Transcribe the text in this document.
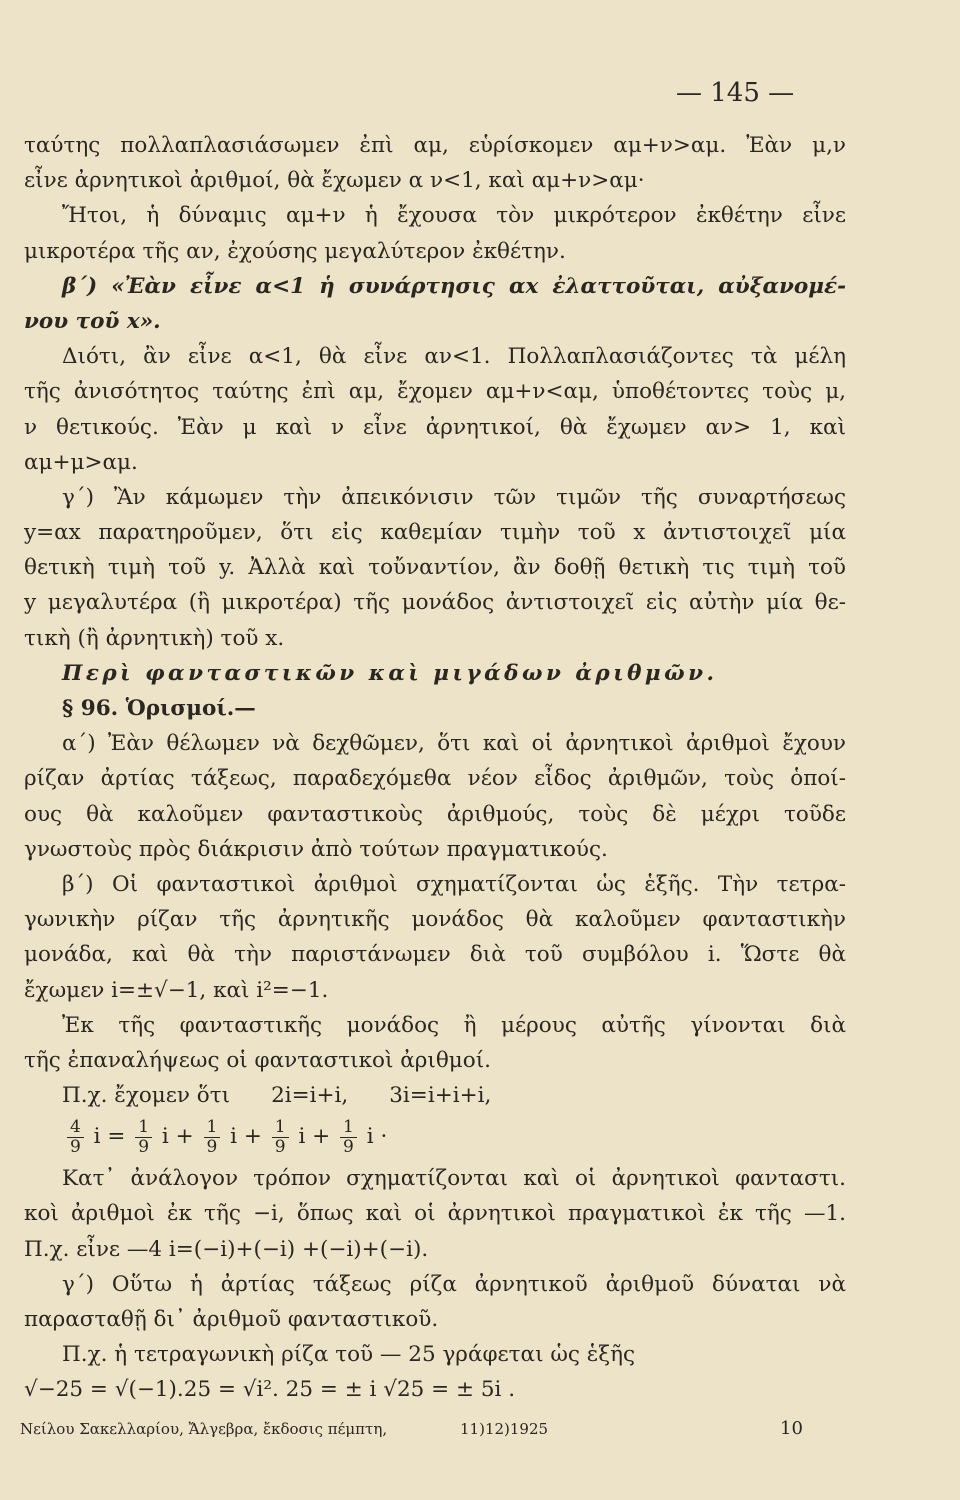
— 145 —
ταύτης πολλαπλασιάσωμεν ἐπὶ αμ, εὑρίσκομεν αμ+ν>αμ. Ἐὰν μ,ν
εἶνε ἀρνητικοὶ ἀριθμοί, θὰ ἔχωμεν α ν<1, καὶ αμ+ν>αμ·
Ἤτοι, ἡ δύναμις αμ+ν ἡ ἔχουσα τὸν μικρότερον ἐκθέτην εἶνε
μικροτέρα τῆς αν, ἐχούσης μεγαλύτερον ἐκθέτην.
β΄) «Ἐὰν εἶνε α<1 ἡ συνάρτησις αx ἐλαττοῦται, αὐξανομέ-
νου τοῦ x».
Διότι, ἂν εἶνε α<1, θὰ εἶνε αν<1. Πολλαπλασιάζοντες τὰ μέλη
τῆς ἀνισότητος ταύτης ἐπὶ αμ, ἔχομεν αμ+ν<αμ, ὑποθέτοντες τοὺς μ,
ν θετικούς. Ἐὰν μ καὶ ν εἶνε ἀρνητικοί, θὰ ἔχωμεν αν> 1, καὶ
αμ+μ>αμ.
γ΄) Ἂν κάμωμεν τὴν ἀπεικόνισιν τῶν τιμῶν τῆς συναρτήσεως
y=αx παρατηροῦμεν, ὅτι εἰς καθεμίαν τιμὴν τοῦ x ἀντιστοιχεῖ μία
θετικὴ τιμὴ τοῦ y. Ἀλλὰ καὶ τοὔναντίον, ἂν δοθῇ θετικὴ τις τιμὴ τοῦ
y μεγαλυτέρα (ἢ μικροτέρα) τῆς μονάδος ἀντιστοιχεῖ εἰς αὐτὴν μία θε-
τικὴ (ἢ ἀρνητικὴ) τοῦ x.
Περὶ φανταστικῶν καὶ μιγάδων ἀριθμῶν.
§ 96. Ὁρισμοί.—
α΄) Ἐὰν θέλωμεν νὰ δεχθῶμεν, ὅτι καὶ οἱ ἀρνητικοὶ ἀριθμοὶ ἔχουν
ρίζαν ἀρτίας τάξεως, παραδεχόμεθα νέον εἶδος ἀριθμῶν, τοὺς ὁποί-
ους θὰ καλοῦμεν φανταστικοὺς ἀριθμούς, τοὺς δὲ μέχρι τοῦδε
γνωστοὺς πρὸς διάκρισιν ἀπὸ τούτων πραγματικούς.
β΄) Οἱ φανταστικοὶ ἀριθμοὶ σχηματίζονται ὡς ἑξῆς. Τὴν τετρα-
γωνικὴν ρίζαν τῆς ἀρνητικῆς μονάδος θὰ καλοῦμεν φανταστικὴν
μονάδα, καὶ θὰ τὴν παριστάνωμεν διὰ τοῦ συμβόλου i. Ὥστε θὰ
ἔχωμεν i=±√−1, καὶ i²=−1.
Ἐκ τῆς φανταστικῆς μονάδος ἢ μέρους αὐτῆς γίνονται διὰ
τῆς ἐπαναλήψεως οἱ φανταστικοὶ ἀριθμοί.
Π.χ. ἔχομεν ὅτι      2i=i+i,      3i=i+i+i,
$\frac{4}{9}$ $i = \frac{1}{9}$ $i + \frac{1}{9}$ $i + \frac{1}{9}$ $i + \frac{1}{9}$ i ·
Κατ᾽ ἀνάλογον τρόπον σχηματίζονται καὶ οἱ ἀρνητικοὶ φανταστι.
κοὶ ἀριθμοὶ ἐκ τῆς −i, ὅπως καὶ οἱ ἀρνητικοὶ πραγματικοὶ ἐκ τῆς —1.
Π.χ. εἶνε —4 i=(−i)+(−i) +(−i)+(−i).
γ΄) Οὕτω ἡ ἀρτίας τάξεως ρίζα ἀρνητικοῦ ἀριθμοῦ δύναται νὰ
παρασταθῇ δι᾽ ἀριθμοῦ φανταστικοῦ.
Π.χ. ἡ τετραγωνικὴ ρίζα τοῦ — 25 γράφεται ὡς ἑξῆς
√−25 = √(−1).25 = √i². 25 = ± i √25 = ± 5i .
Νείλου Σακελλαρίου, Ἄλγεβρα, ἔκδοσις πέμπτη,	11)12)1925	10
